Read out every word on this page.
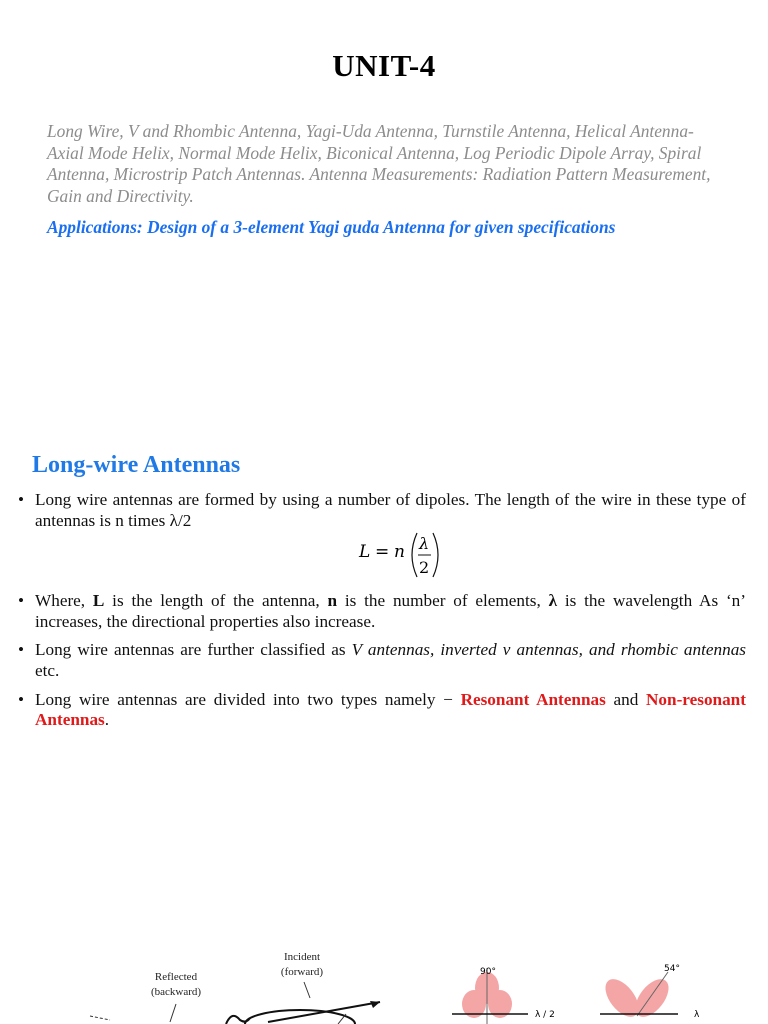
UNIT-4
Long Wire, V and Rhombic Antenna, Yagi-Uda Antenna, Turnstile Antenna, Helical Antenna- Axial Mode Helix, Normal Mode Helix, Biconical Antenna, Log Periodic Dipole Array, Spiral Antenna, Microstrip Patch Antennas. Antenna Measurements: Radiation Pattern Measurement, Gain and Directivity.
Applications: Design of a 3-element Yagi guda Antenna for given specifications
Long-wire Antennas
• Long wire antennas are formed by using a number of dipoles. The length of the wire in these type of antennas is n times λ/2
L = n λ
2
• Where, L is the length of the antenna, n is the number of elements, λ is the wavelength As ‘n’ increases, the directional properties also increase.
• Long wire antennas are further classified as V antennas, inverted v antennas, and rhombic antennas etc.
• Long wire antennas are divided into two types namely − Resonant Antennas and Non-resonant Antennas.
Reflected
(backward)
Incident
(forward)	90°
λ / 2
54°
λ
